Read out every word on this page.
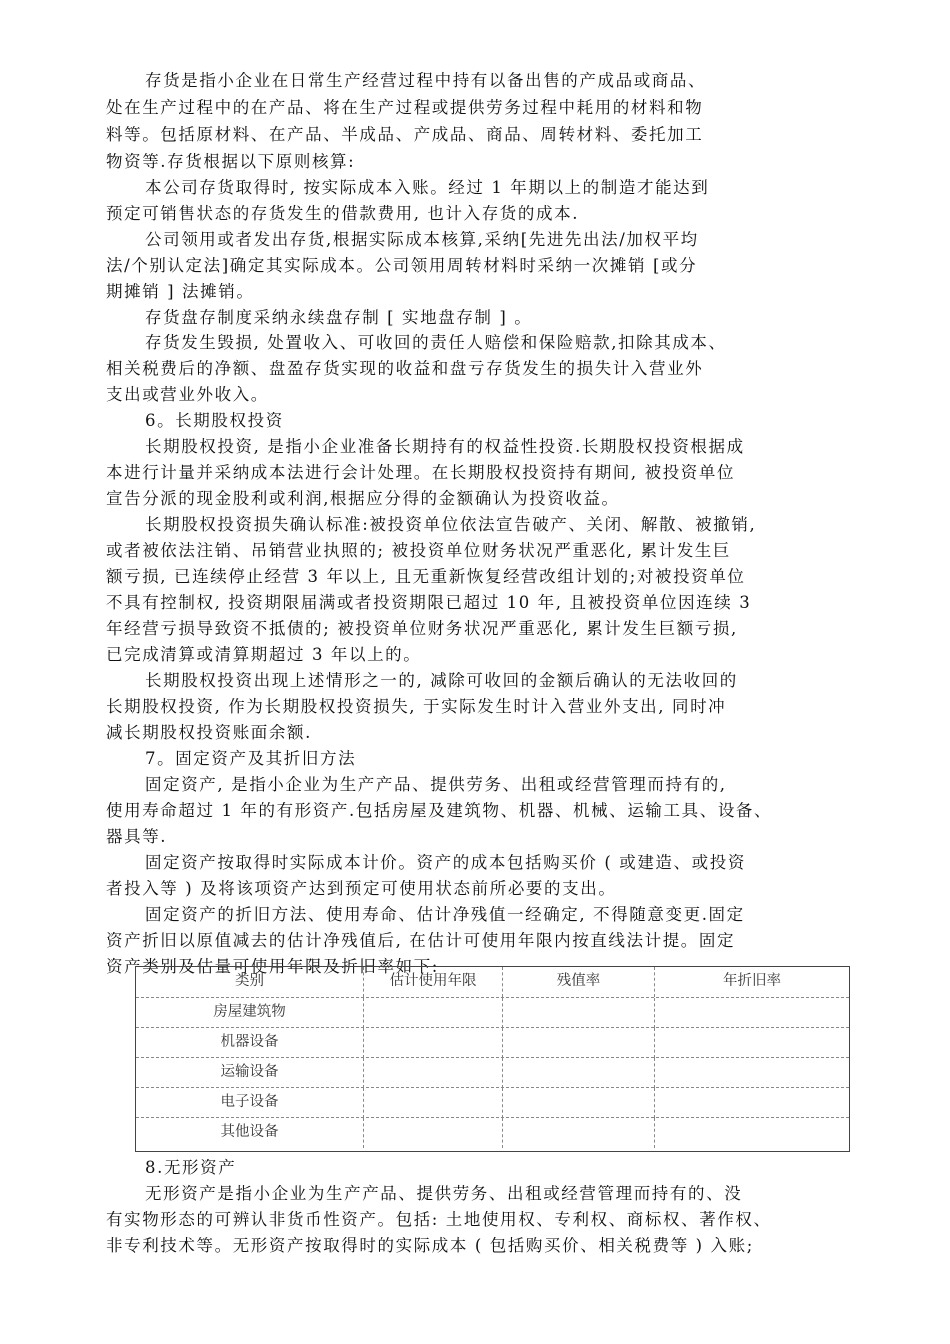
存货是指小企业在日常生产经营过程中持有以备出售的产成品或商品、
处在生产过程中的在产品、将在生产过程或提供劳务过程中耗用的材料和物
料等。包括原材料、在产品、半成品、产成品、商品、周转材料、委托加工
物资等.存货根据以下原则核算:
本公司存货取得时, 按实际成本入账。经过 1 年期以上的制造才能达到
预定可销售状态的存货发生的借款费用, 也计入存货的成本.
公司领用或者发出存货,根据实际成本核算,采纳[先进先出法/加权平均
法/个别认定法]确定其实际成本。公司领用周转材料时采纳一次摊销 [或分
期摊销 ] 法摊销。
存货盘存制度采纳永续盘存制 [ 实地盘存制 ] 。
存货发生毁损, 处置收入、可收回的责任人赔偿和保险赔款,扣除其成本、
相关税费后的净额、盘盈存货实现的收益和盘亏存货发生的损失计入营业外
支出或营业外收入。
6。长期股权投资
长期股权投资, 是指小企业准备长期持有的权益性投资.长期股权投资根据成
本进行计量并采纳成本法进行会计处理。在长期股权投资持有期间, 被投资单位
宣告分派的现金股利或利润,根据应分得的金额确认为投资收益。
长期股权投资损失确认标准:被投资单位依法宣告破产、关闭、解散、被撤销,
或者被依法注销、吊销营业执照的; 被投资单位财务状况严重恶化, 累计发生巨
额亏损, 已连续停止经营 3 年以上, 且无重新恢复经营改组计划的;对被投资单位
不具有控制权, 投资期限届满或者投资期限已超过 10 年, 且被投资单位因连续 3
年经营亏损导致资不抵债的; 被投资单位财务状况严重恶化, 累计发生巨额亏损,
已完成清算或清算期超过 3 年以上的。
长期股权投资出现上述情形之一的, 减除可收回的金额后确认的无法收回的
长期股权投资, 作为长期股权投资损失, 于实际发生时计入营业外支出, 同时冲
减长期股权投资账面余额.
7。固定资产及其折旧方法
固定资产, 是指小企业为生产产品、提供劳务、出租或经营管理而持有的,
使用寿命超过 1 年的有形资产.包括房屋及建筑物、机器、机械、运输工具、设备、
器具等.
固定资产按取得时实际成本计价。资产的成本包括购买价 ( 或建造、或投资
者投入等 ) 及将该项资产达到预定可使用状态前所必要的支出。
固定资产的折旧方法、使用寿命、估计净残值一经确定, 不得随意变更.固定
资产折旧以原值减去的估计净残值后, 在估计可使用年限内按直线法计提。固定
资产类别及估量可使用年限及折旧率如下:
类别	估计使用年限	残值率	年折旧率
房屋建筑物
机器设备
运输设备
电子设备
其他设备
8.无形资产
无形资产是指小企业为生产产品、提供劳务、出租或经营管理而持有的、没
有实物形态的可辨认非货币性资产。包括: 土地使用权、专利权、商标权、著作权、
非专利技术等。无形资产按取得时的实际成本 ( 包括购买价、相关税费等 ) 入账;
